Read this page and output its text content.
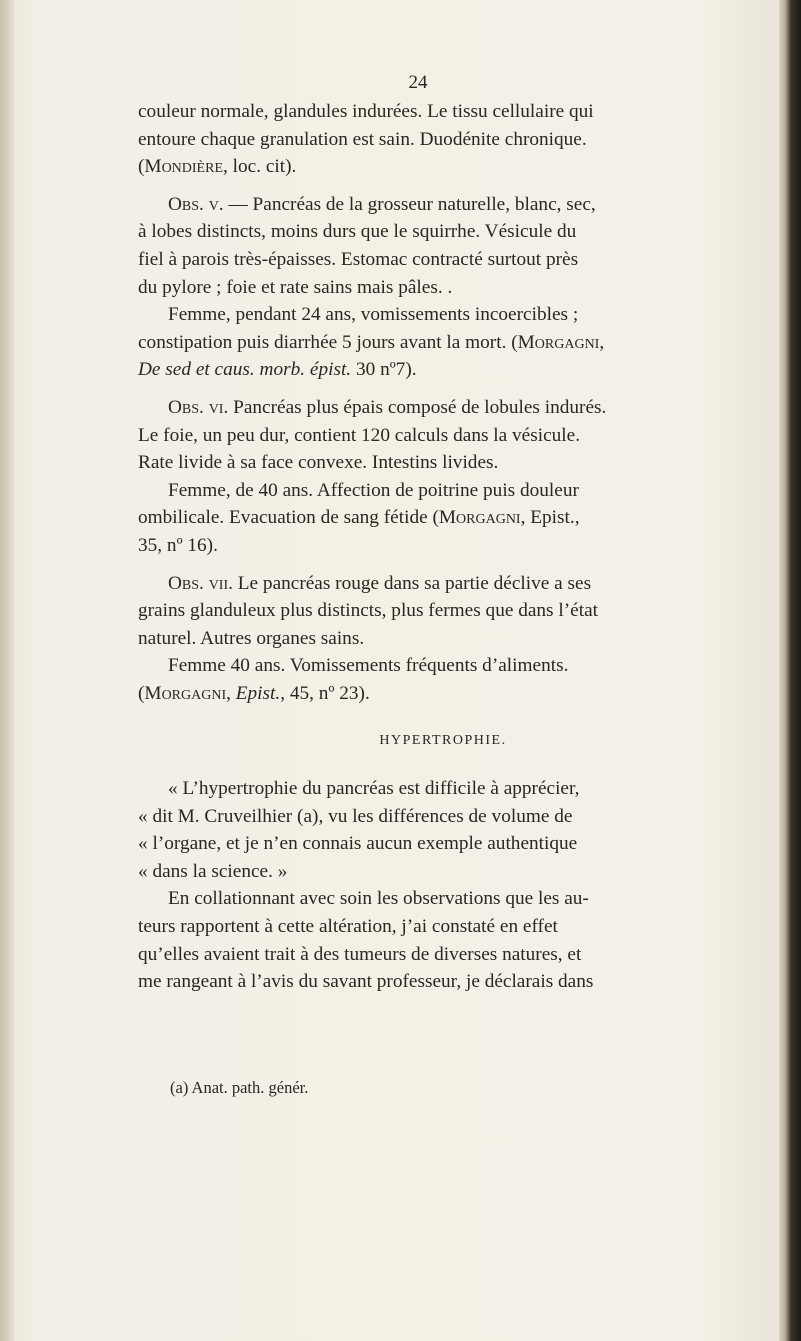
24

couleur normale, glandules indurées. Le tissu cellulaire qui

entoure chaque granulation est sain. Duodénite chronique.

(Mondière, loc. cit).

Obs. v. — Pancréas de la grosseur naturelle, blanc, sec,

à lobes distincts, moins durs que le squirrhe. Vésicule du

fiel à parois très-épaisses. Estomac contracté surtout près

du pylore ; foie et rate sains mais pâles. .

Femme, pendant 24 ans, vomissements incoercibles ;

constipation puis diarrhée 5 jours avant la mort. (Morgagni,

De sed et caus. morb. épist. 30 nº7).

Obs. vi. Pancréas plus épais composé de lobules indurés.

Le foie, un peu dur, contient 120 calculs dans la vésicule.

Rate livide à sa face convexe. Intestins livides.

Femme, de 40 ans. Affection de poitrine puis douleur

ombilicale. Evacuation de sang fétide (Morgagni, Epist.,

35, nº 16).

Obs. vii. Le pancréas rouge dans sa partie déclive a ses

grains glanduleux plus distincts, plus fermes que dans l’état

naturel. Autres organes sains.

Femme 40 ans. Vomissements fréquents d’aliments.

(Morgagni, Epist., 45, nº 23).

HYPERTROPHIE.

« L’hypertrophie du pancréas est difficile à apprécier,

« dit M. Cruveilhier (a), vu les différences de volume de

« l’organe, et je n’en connais aucun exemple authentique

« dans la science. »

En collationnant avec soin les observations que les au-

teurs rapportent à cette altération, j’ai constaté en effet

qu’elles avaient trait à des tumeurs de diverses natures, et

me rangeant à l’avis du savant professeur, je déclarais dans

(a) Anat. path. génér.
